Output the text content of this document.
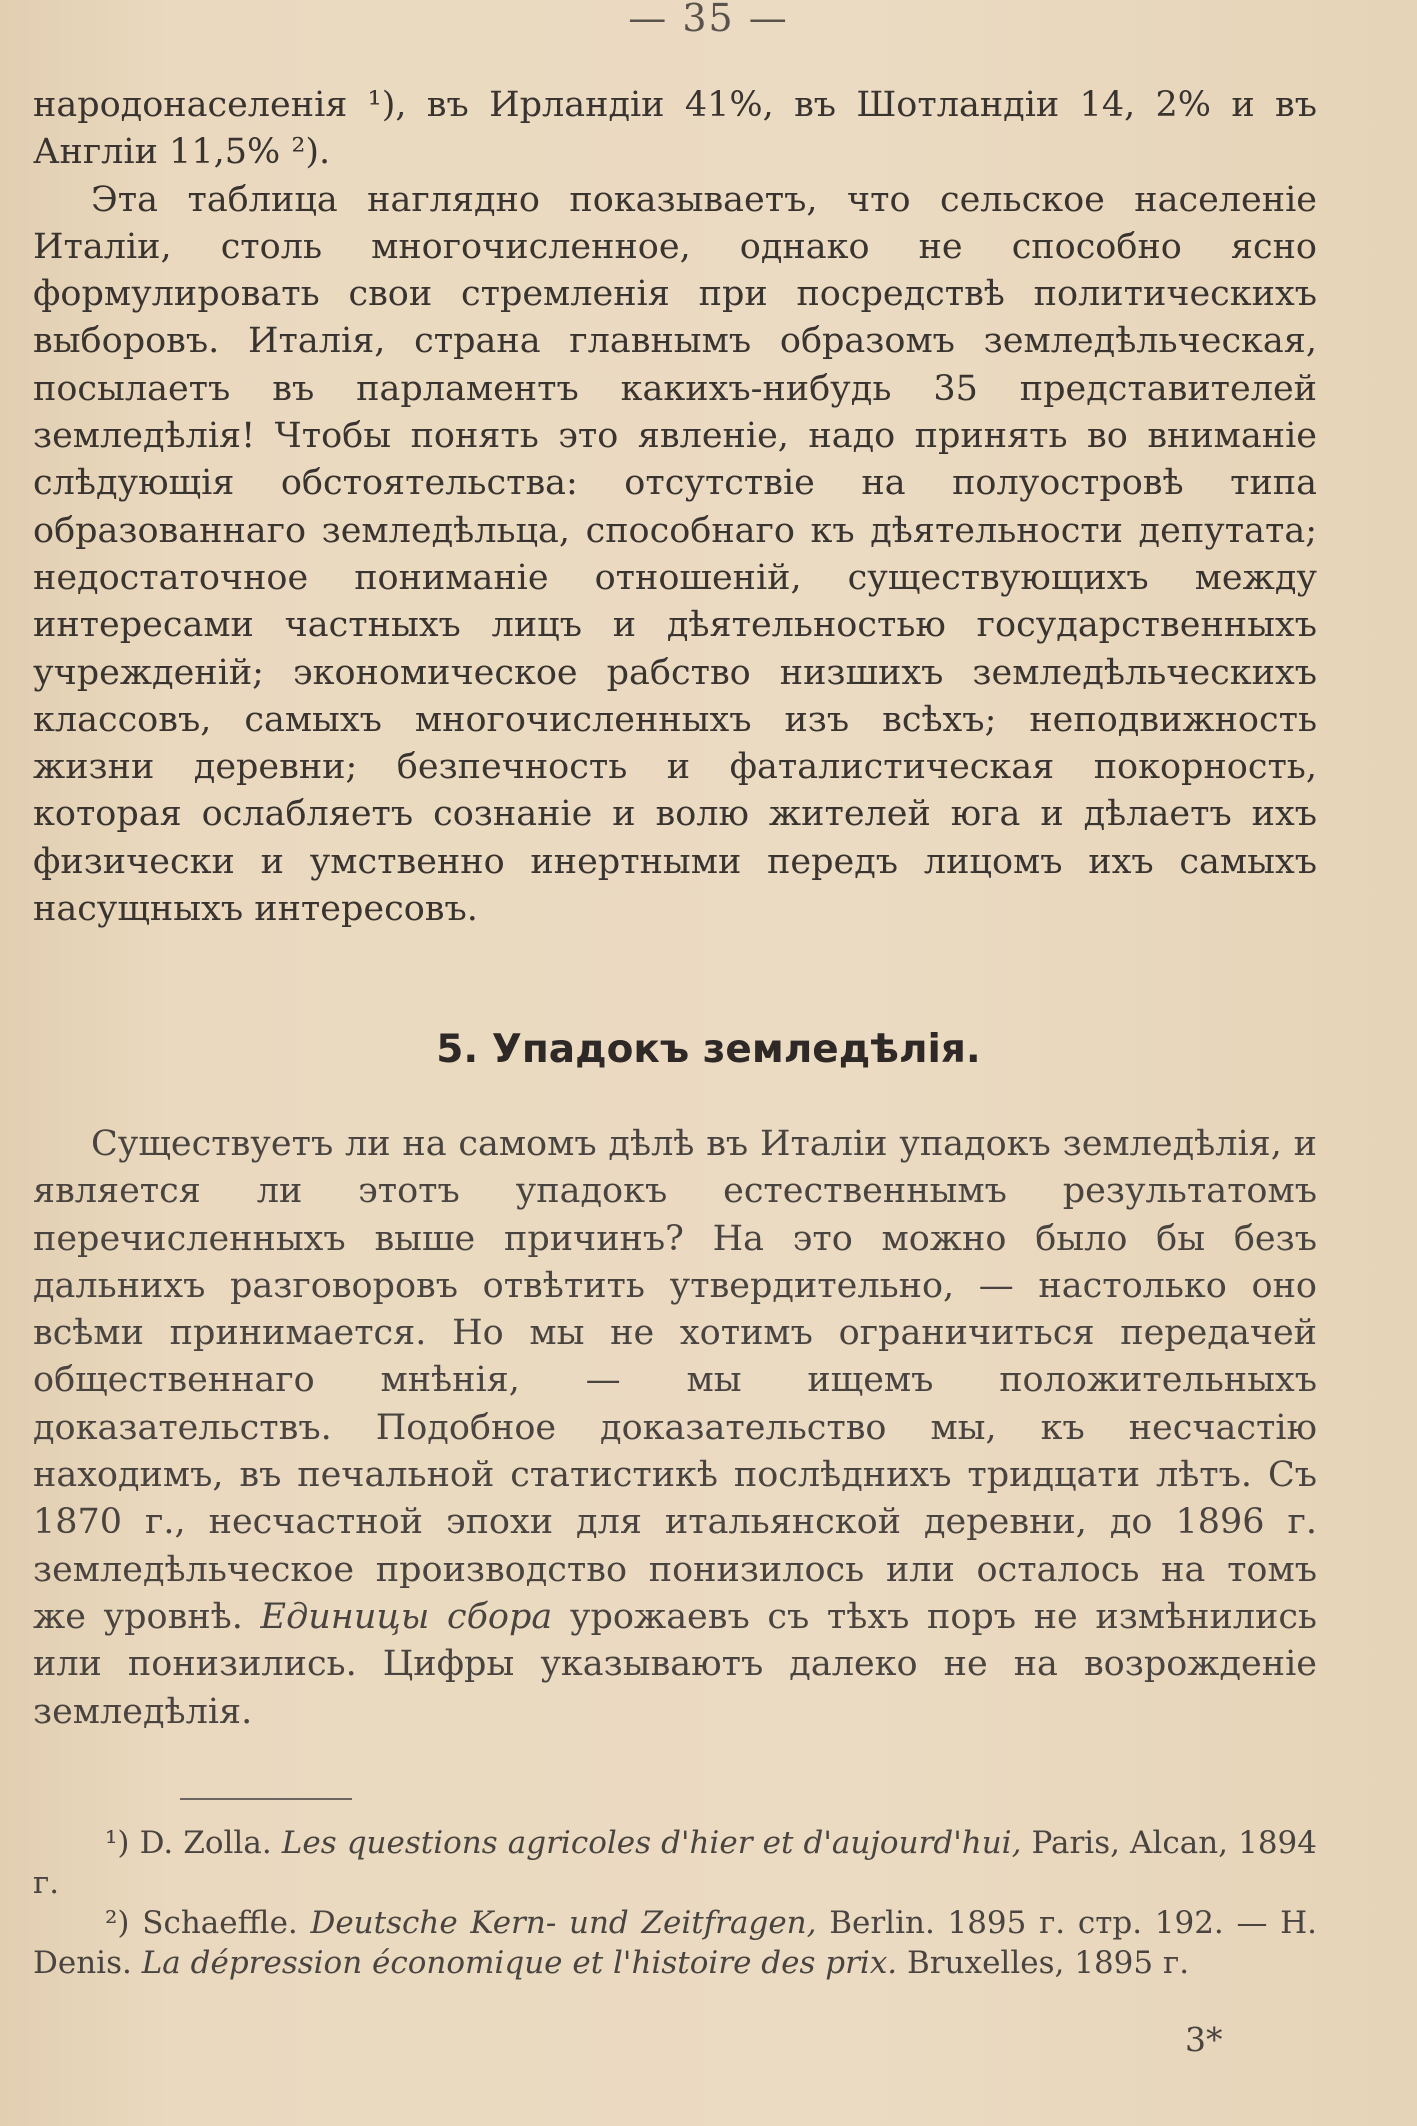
— 35 —

народонаселенія ¹), въ Ирландіи 41%, въ Шотландіи 14, 2% и въ Англіи 11,5% ²).

Эта таблица наглядно показываетъ, что сельское населеніе Италіи, столь многочисленное, однако не способно ясно формулировать свои стремленія при посредствѣ политическихъ выборовъ. Италія, страна главнымъ образомъ земледѣльческая, посылаетъ въ парламентъ какихъ-нибудь 35 представителей земледѣлія! Чтобы понять это явленіе, надо принять во вниманіе слѣдующія обстоятельства: отсутствіе на полуостровѣ типа образованнаго земледѣльца, способнаго къ дѣятельности депутата; недостаточное пониманіе отношеній, существующихъ между интересами частныхъ лицъ и дѣятельностью государственныхъ учрежденій; экономическое рабство низшихъ земледѣльческихъ классовъ, самыхъ многочисленныхъ изъ всѣхъ; неподвижность жизни деревни; безпечность и фаталистическая покорность, которая ослабляетъ сознаніе и волю жителей юга и дѣлаетъ ихъ физически и умственно инертными передъ лицомъ ихъ самыхъ насущныхъ интересовъ.

5. Упадокъ земледѣлія.

Существуетъ ли на самомъ дѣлѣ въ Италіи упадокъ земледѣлія, и является ли этотъ упадокъ естественнымъ результатомъ перечисленныхъ выше причинъ? На это можно было бы безъ дальнихъ разговоровъ отвѣтить утвердительно, — настолько оно всѣми принимается. Но мы не хотимъ ограничиться передачей общественнаго мнѣнія, — мы ищемъ положительныхъ доказательствъ. Подобное доказательство мы, къ несчастію находимъ, въ печальной статистикѣ послѣднихъ тридцати лѣтъ. Съ 1870 г., несчастной эпохи для итальянской деревни, до 1896 г. земледѣльческое производство понизилось или осталось на томъ же уровнѣ. Единицы сбора урожаевъ съ тѣхъ поръ не измѣнились или понизились. Цифры указываютъ далеко не на возрожденіе земледѣлія.

¹) D. Zolla. Les questions agricoles d'hier et d'aujourd'hui, Paris, Alcan, 1894 г.
²) Schaeffle. Deutsche Kern- und Zeitfragen, Berlin. 1895 г. стр. 192. — H. Denis. La dépression économique et l'histoire des prix. Bruxelles, 1895 г.
3*
